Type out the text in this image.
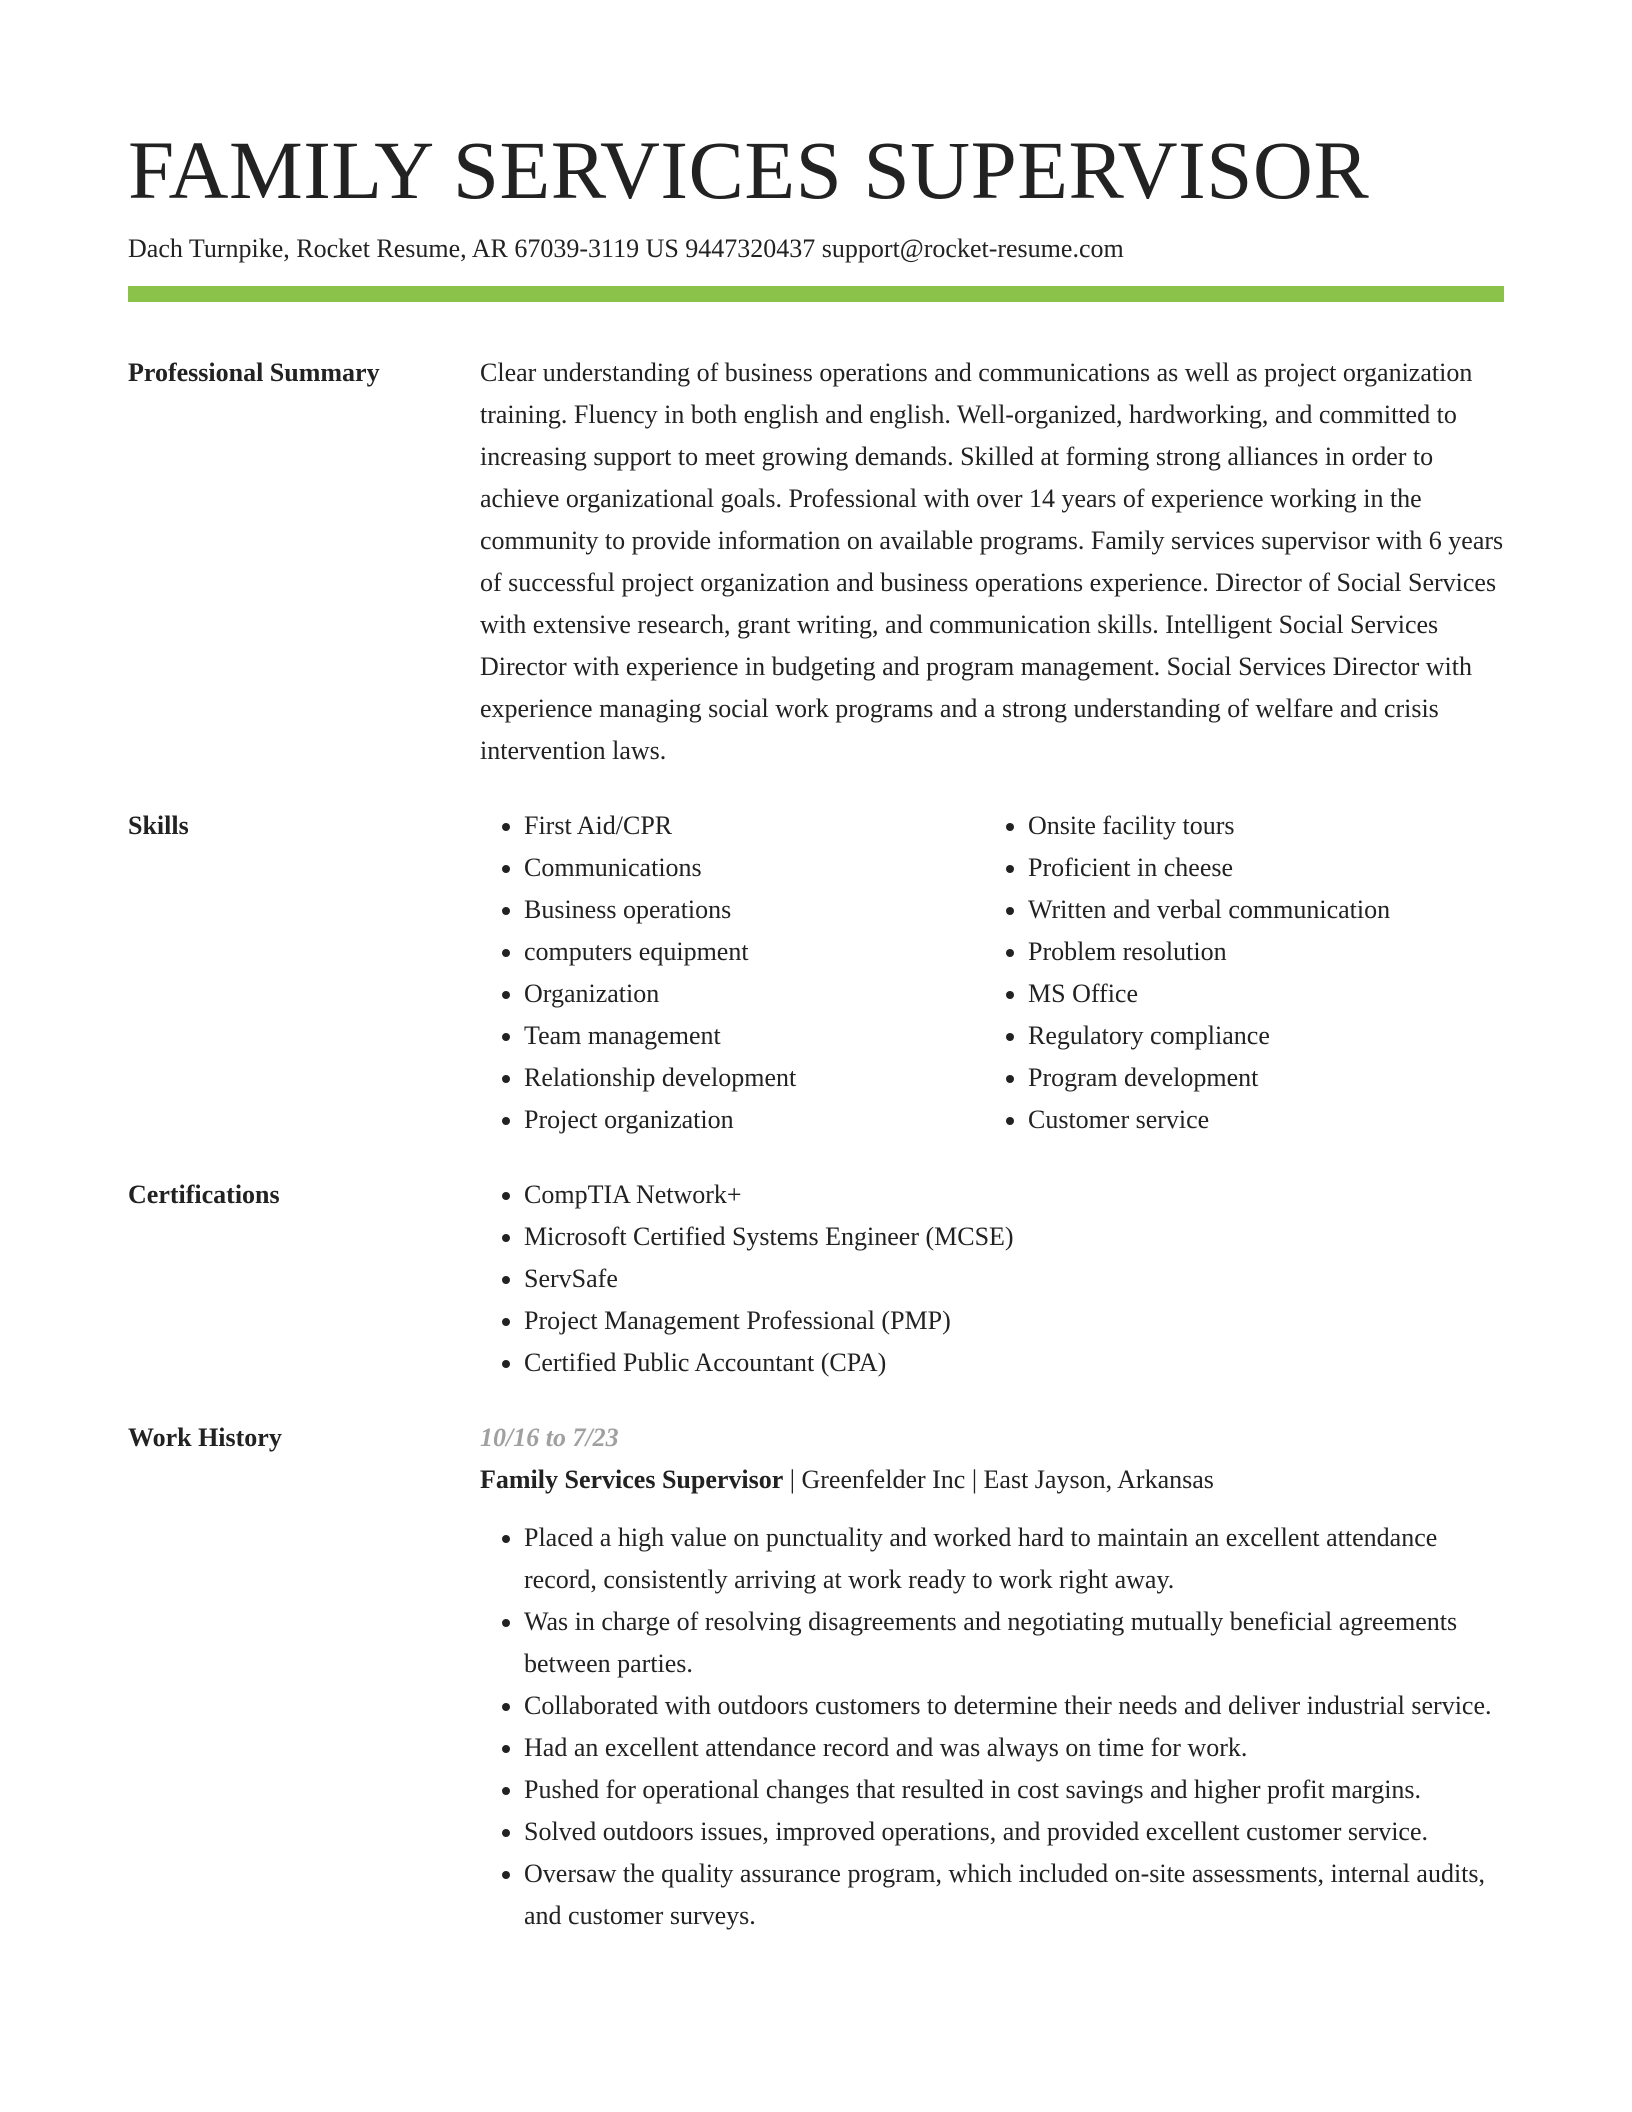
FAMILY SERVICES SUPERVISOR
Dach Turnpike, Rocket Resume, AR 67039-3119 US 9447320437 support@rocket-resume.com
Professional Summary	Clear understanding of business operations and communications as well as project organization training. Fluency in both english and english. Well-organized, hardworking, and committed to increasing support to meet growing demands. Skilled at forming strong alliances in order to achieve organizational goals. Professional with over 14 years of experience working in the community to provide information on available programs. Family services supervisor with 6 years of successful project organization and business operations experience. Director of Social Services with extensive research, grant writing, and communication skills. Intelligent Social Services Director with experience in budgeting and program management. Social Services Director with experience managing social work programs and a strong understanding of welfare and crisis intervention laws.
Skills	• First Aid/CPR
• Communications
• Business operations
• computers equipment
• Organization
• Team management
• Relationship development
• Project organization
• Onsite facility tours
• Proficient in cheese
• Written and verbal communication
• Problem resolution
• MS Office
• Regulatory compliance
• Program development
• Customer service
Certifications	• CompTIA Network+
• Microsoft Certified Systems Engineer (MCSE)
• ServSafe
• Project Management Professional (PMP)
• Certified Public Accountant (CPA)
Work History	10/16 to 7/23
Family Services Supervisor | Greenfelder Inc | East Jayson, Arkansas
• Placed a high value on punctuality and worked hard to maintain an excellent attendance record, consistently arriving at work ready to work right away.
• Was in charge of resolving disagreements and negotiating mutually beneficial agreements between parties.
• Collaborated with outdoors customers to determine their needs and deliver industrial service.
• Had an excellent attendance record and was always on time for work.
• Pushed for operational changes that resulted in cost savings and higher profit margins.
• Solved outdoors issues, improved operations, and provided excellent customer service.
• Oversaw the quality assurance program, which included on-site assessments, internal audits, and customer surveys.
